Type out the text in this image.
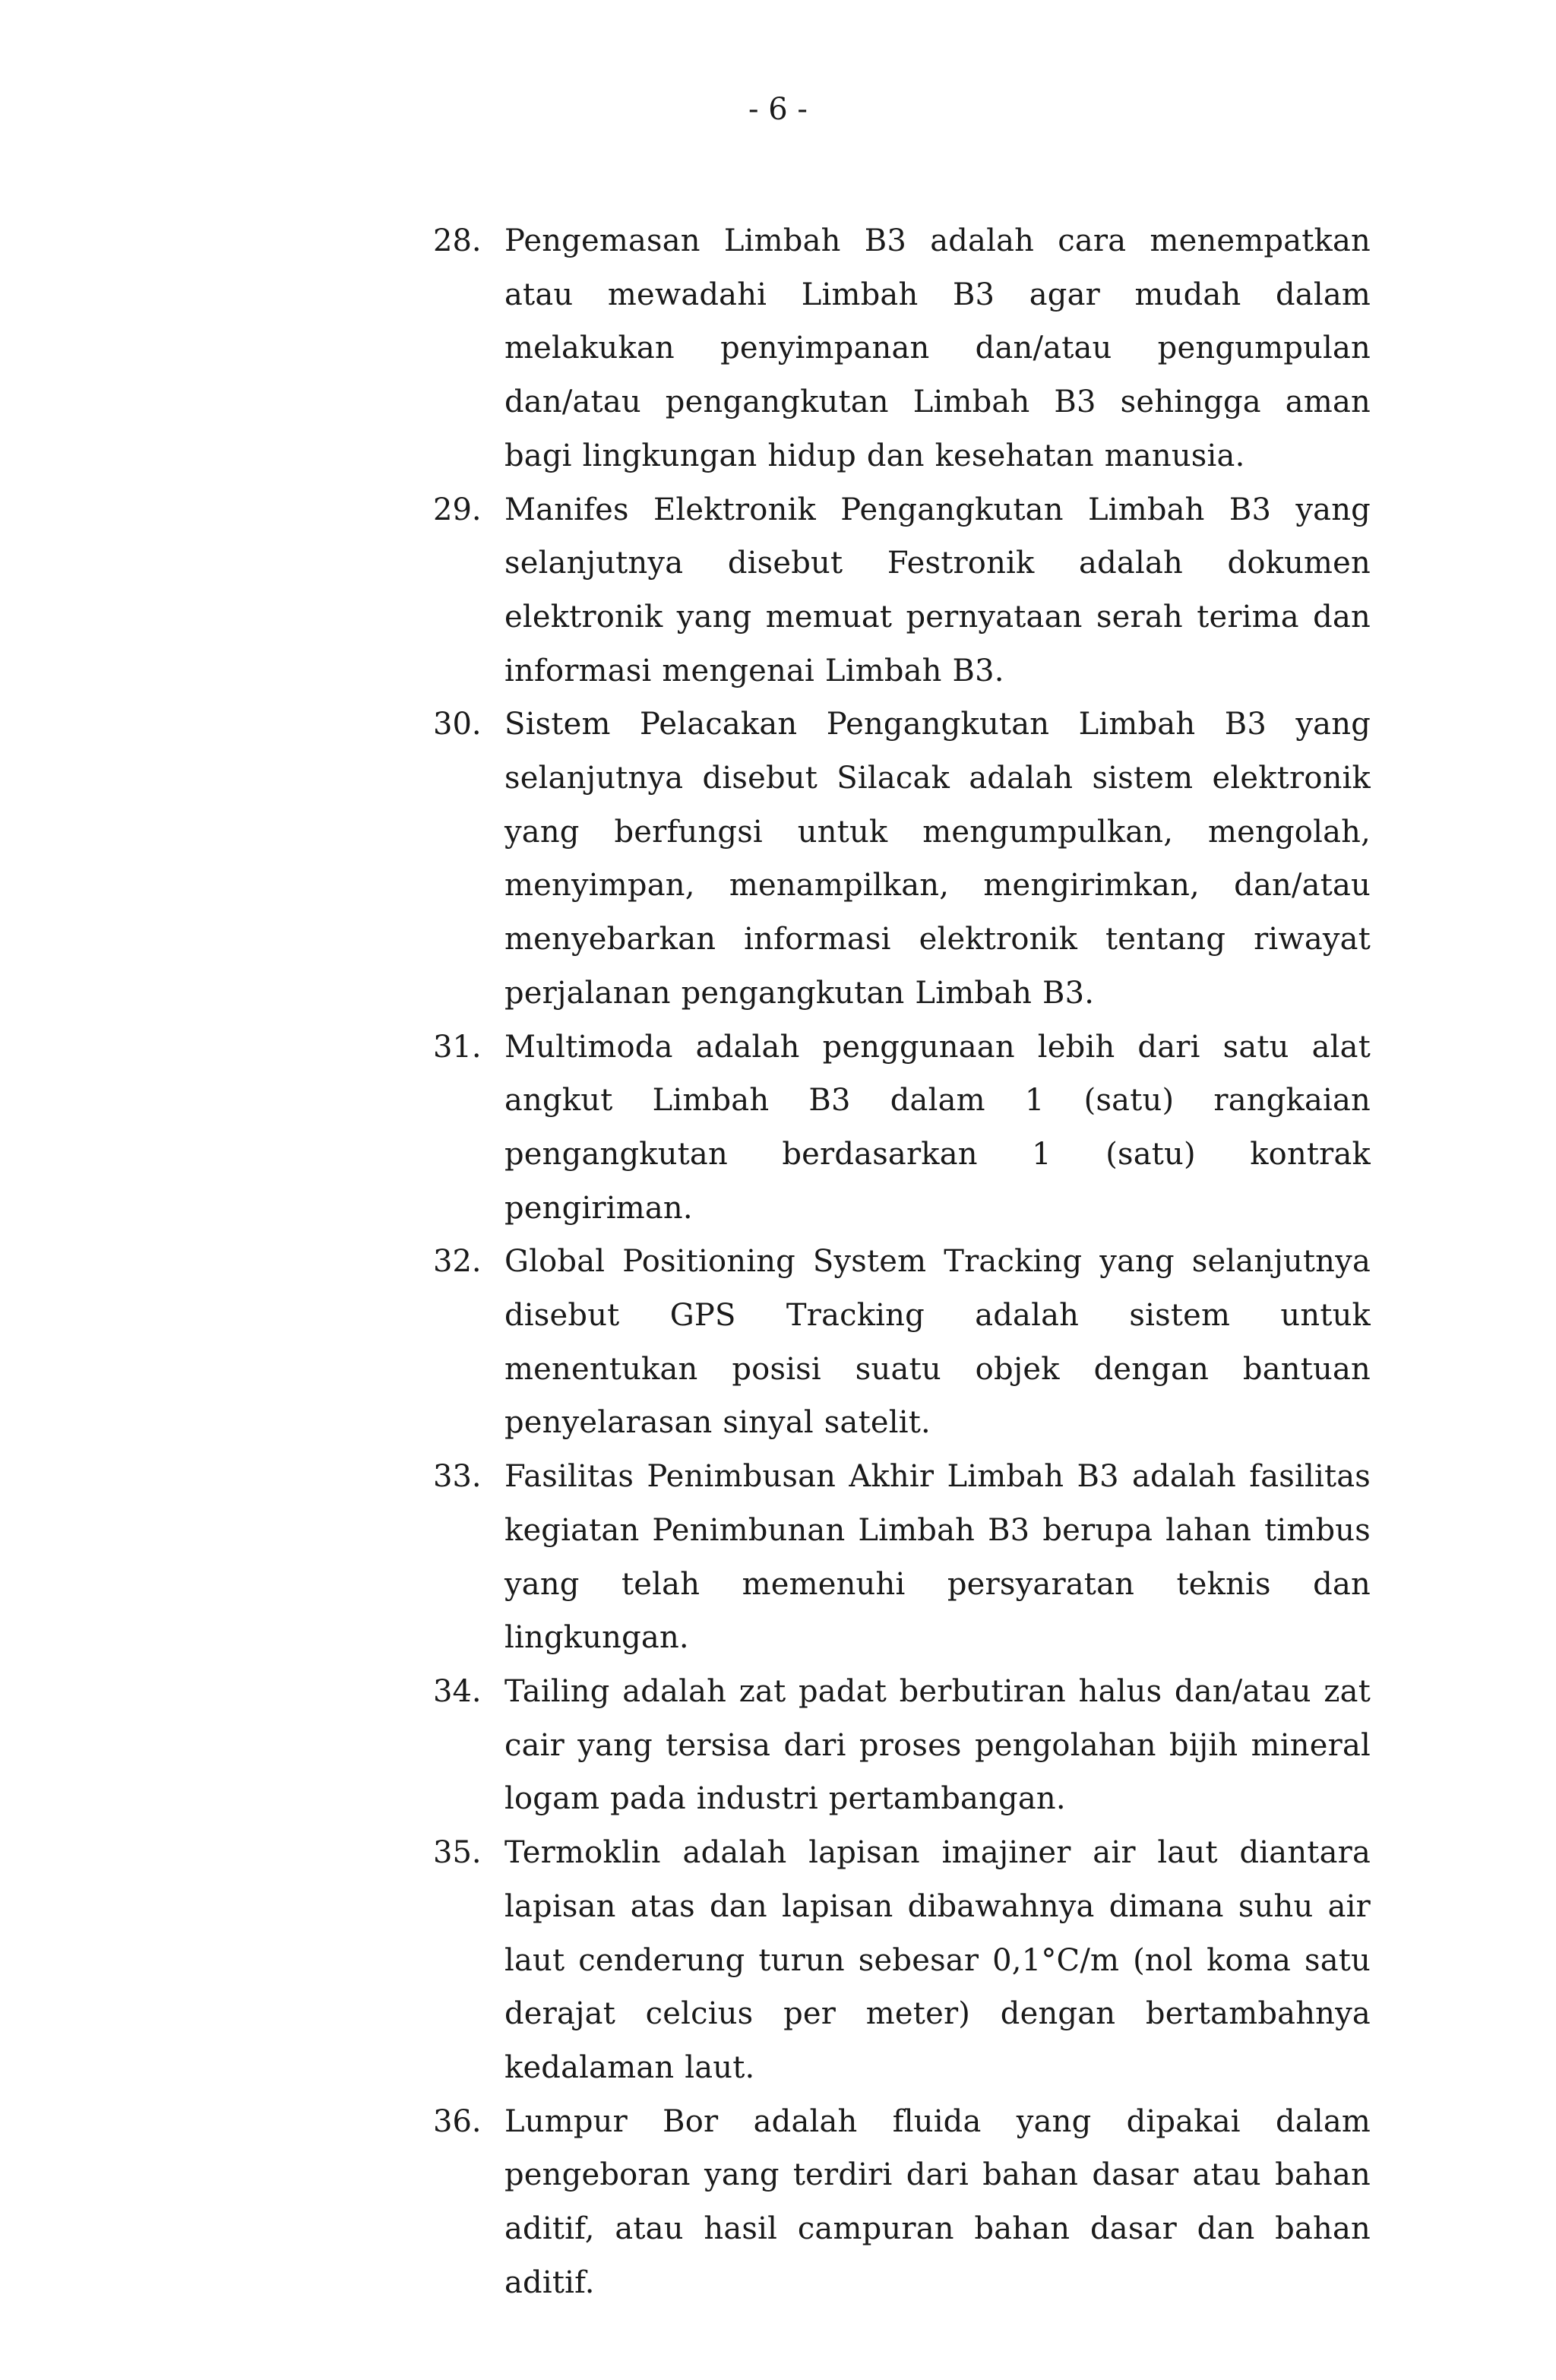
- 6 -
28. Pengemasan Limbah B3 adalah cara menempatkan atau mewadahi Limbah B3 agar mudah dalam melakukan penyimpanan dan/atau pengumpulan dan/atau pengangkutan Limbah B3 sehingga aman bagi lingkungan hidup dan kesehatan manusia.
29. Manifes Elektronik Pengangkutan Limbah B3 yang selanjutnya disebut Festronik adalah dokumen elektronik yang memuat pernyataan serah terima dan informasi mengenai Limbah B3.
30. Sistem Pelacakan Pengangkutan Limbah B3 yang selanjutnya disebut Silacak adalah sistem elektronik yang berfungsi untuk mengumpulkan, mengolah, menyimpan, menampilkan, mengirimkan, dan/atau menyebarkan informasi elektronik tentang riwayat perjalanan pengangkutan Limbah B3.
31. Multimoda adalah penggunaan lebih dari satu alat angkut Limbah B3 dalam 1 (satu) rangkaian pengangkutan berdasarkan 1 (satu) kontrak pengiriman.
32. Global Positioning System Tracking yang selanjutnya disebut GPS Tracking adalah sistem untuk menentukan posisi suatu objek dengan bantuan penyelarasan sinyal satelit.
33. Fasilitas Penimbusan Akhir Limbah B3 adalah fasilitas kegiatan Penimbunan Limbah B3 berupa lahan timbus yang telah memenuhi persyaratan teknis dan lingkungan.
34. Tailing adalah zat padat berbutiran halus dan/atau zat cair yang tersisa dari proses pengolahan bijih mineral logam pada industri pertambangan.
35. Termoklin adalah lapisan imajiner air laut diantara lapisan atas dan lapisan dibawahnya dimana suhu air laut cenderung turun sebesar 0,1°C/m (nol koma satu derajat celcius per meter) dengan bertambahnya kedalaman laut.
36. Lumpur Bor adalah fluida yang dipakai dalam pengeboran yang terdiri dari bahan dasar atau bahan aditif, atau hasil campuran bahan dasar dan bahan aditif.
